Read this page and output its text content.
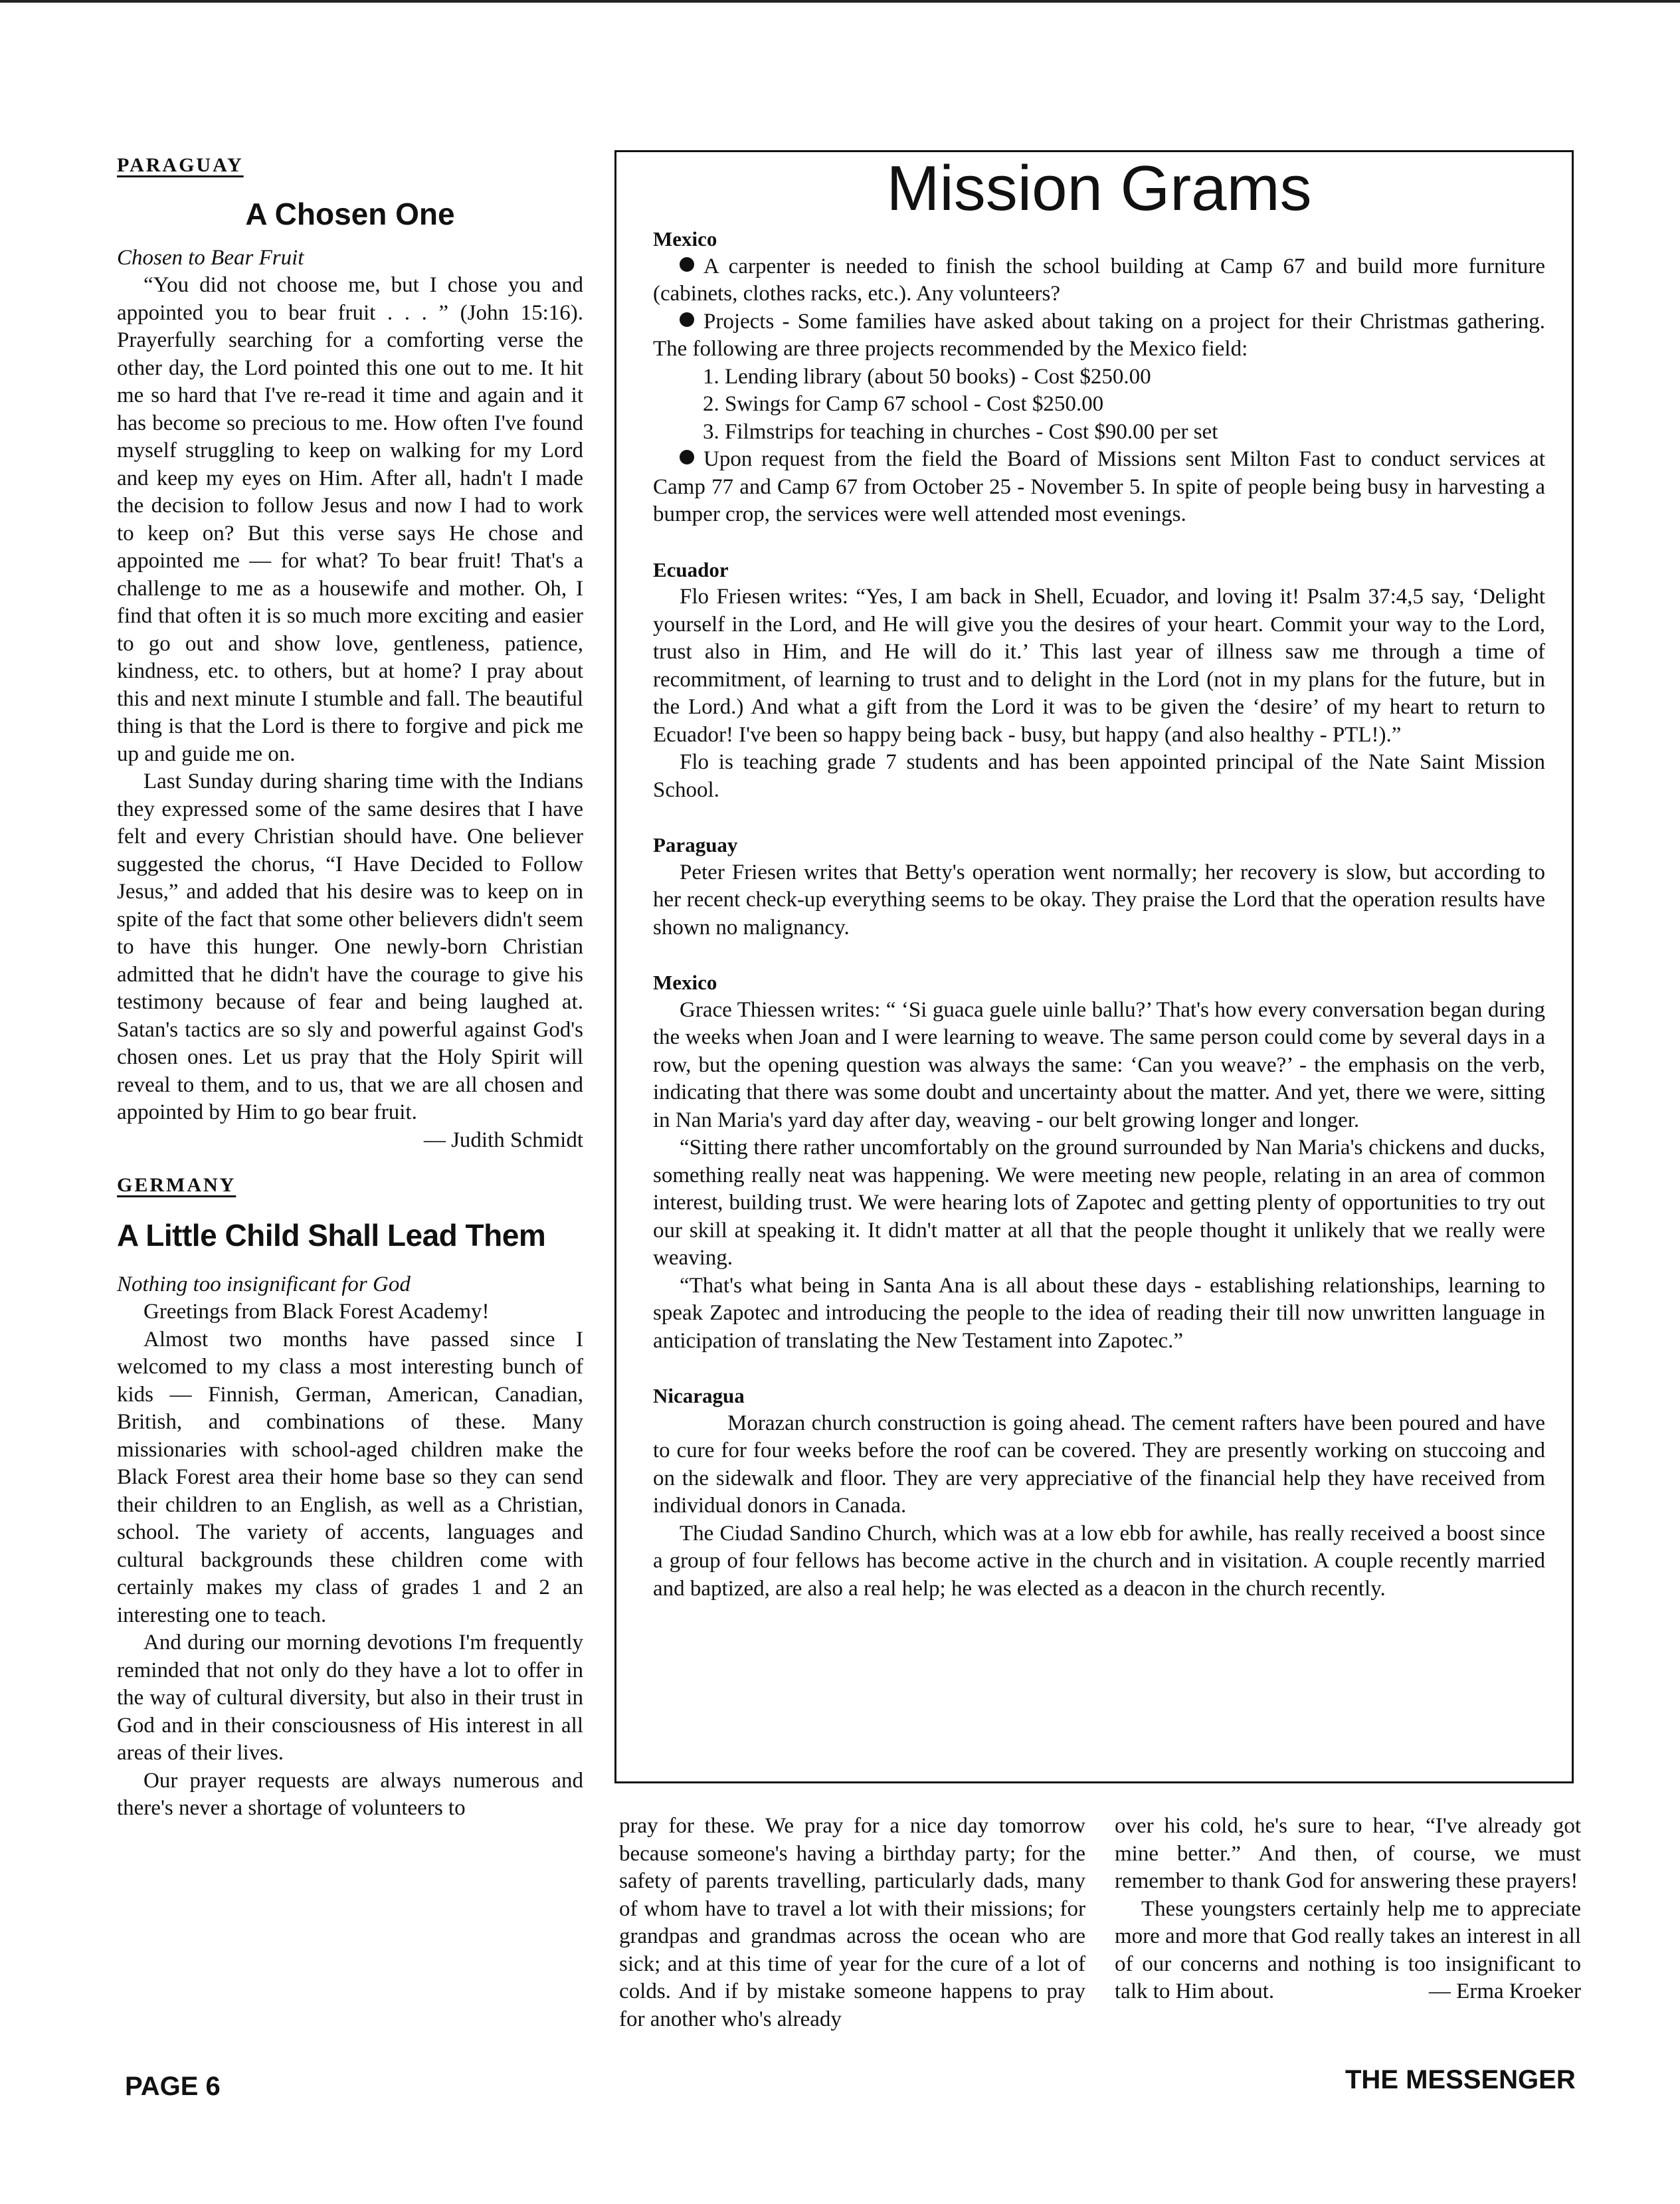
PARAGUAY

A Chosen One

Chosen to Bear Fruit

“You did not choose me, but I chose you and appointed you to bear fruit . . . ” (John 15:16). Prayerfully searching for a comforting verse the other day, the Lord pointed this one out to me. It hit me so hard that I've re-read it time and again and it has become so precious to me. How often I've found myself struggling to keep on walking for my Lord and keep my eyes on Him. After all, hadn't I made the decision to follow Jesus and now I had to work to keep on? But this verse says He chose and appointed me — for what? To bear fruit! That's a challenge to me as a housewife and mother. Oh, I find that often it is so much more exciting and easier to go out and show love, gentleness, patience, kindness, etc. to others, but at home? I pray about this and next minute I stumble and fall. The beautiful thing is that the Lord is there to forgive and pick me up and guide me on.

Last Sunday during sharing time with the Indians they expressed some of the same desires that I have felt and every Christian should have. One believer suggested the chorus, “I Have Decided to Follow Jesus,” and added that his desire was to keep on in spite of the fact that some other believers didn't seem to have this hunger. One newly-born Christian admitted that he didn't have the courage to give his testimony because of fear and being laughed at. Satan's tactics are so sly and powerful against God's chosen ones. Let us pray that the Holy Spirit will reveal to them, and to us, that we are all chosen and appointed by Him to go bear fruit.

— Judith Schmidt

GERMANY

A Little Child Shall Lead Them

Nothing too insignificant for God

Greetings from Black Forest Academy!

Almost two months have passed since I welcomed to my class a most interesting bunch of kids — Finnish, German, American, Canadian, British, and combinations of these. Many missionaries with school-aged children make the Black Forest area their home base so they can send their children to an English, as well as a Christian, school. The variety of accents, languages and cultural backgrounds these children come with certainly makes my class of grades 1 and 2 an interesting one to teach.

And during our morning devotions I'm frequently reminded that not only do they have a lot to offer in the way of cultural diversity, but also in their trust in God and in their consciousness of His interest in all areas of their lives.

Our prayer requests are always numerous and there's never a shortage of volunteers to

Mission Grams

Mexico

A carpenter is needed to finish the school building at Camp 67 and build more furniture (cabinets, clothes racks, etc.). Any volunteers?

Projects - Some families have asked about taking on a project for their Christmas gathering. The following are three projects recommended by the Mexico field:

1. Lending library (about 50 books) - Cost $250.00

2. Swings for Camp 67 school - Cost $250.00

3. Filmstrips for teaching in churches - Cost $90.00 per set

Upon request from the field the Board of Missions sent Milton Fast to conduct services at Camp 77 and Camp 67 from October 25 - November 5. In spite of people being busy in harvesting a bumper crop, the services were well attended most evenings.

Ecuador

Flo Friesen writes: “Yes, I am back in Shell, Ecuador, and loving it! Psalm 37:4,5 say, ‘Delight yourself in the Lord, and He will give you the desires of your heart. Commit your way to the Lord, trust also in Him, and He will do it.’ This last year of illness saw me through a time of recommitment, of learning to trust and to delight in the Lord (not in my plans for the future, but in the Lord.) And what a gift from the Lord it was to be given the ‘desire’ of my heart to return to Ecuador! I've been so happy being back - busy, but happy (and also healthy - PTL!).”

Flo is teaching grade 7 students and has been appointed principal of the Nate Saint Mission School.

Paraguay

Peter Friesen writes that Betty's operation went normally; her recovery is slow, but according to her recent check-up everything seems to be okay. They praise the Lord that the operation results have shown no malignancy.

Mexico

Grace Thiessen writes: “ ‘Si guaca guele uinle ballu?’ That's how every conversation began during the weeks when Joan and I were learning to weave. The same person could come by several days in a row, but the opening question was always the same: ‘Can you weave?’ - the emphasis on the verb, indicating that there was some doubt and uncertainty about the matter. And yet, there we were, sitting in Nan Maria's yard day after day, weaving - our belt growing longer and longer.

“Sitting there rather uncomfortably on the ground surrounded by Nan Maria's chickens and ducks, something really neat was happening. We were meeting new people, relating in an area of common interest, building trust. We were hearing lots of Zapotec and getting plenty of opportunities to try out our skill at speaking it. It didn't matter at all that the people thought it unlikely that we really were weaving.

“That's what being in Santa Ana is all about these days - establishing relationships, learning to speak Zapotec and introducing the people to the idea of reading their till now unwritten language in anticipation of translating the New Testament into Zapotec.”

Nicaragua

Morazan church construction is going ahead. The cement rafters have been poured and have to cure for four weeks before the roof can be covered. They are presently working on stuccoing and on the sidewalk and floor. They are very appreciative of the financial help they have received from individual donors in Canada.

The Ciudad Sandino Church, which was at a low ebb for awhile, has really received a boost since a group of four fellows has become active in the church and in visitation. A couple recently married and baptized, are also a real help; he was elected as a deacon in the church recently.

pray for these. We pray for a nice day tomorrow because someone's having a birthday party; for the safety of parents travelling, particularly dads, many of whom have to travel a lot with their missions; for grandpas and grandmas across the ocean who are sick; and at this time of year for the cure of a lot of colds. And if by mistake someone happens to pray for another who's already

over his cold, he's sure to hear, “I've already got mine better.” And then, of course, we must remember to thank God for answering these prayers!

These youngsters certainly help me to appreciate more and more that God really takes an interest in all of our concerns and nothing is too insignificant to talk to Him about.	— Erma Kroeker

PAGE 6	THE MESSENGER
